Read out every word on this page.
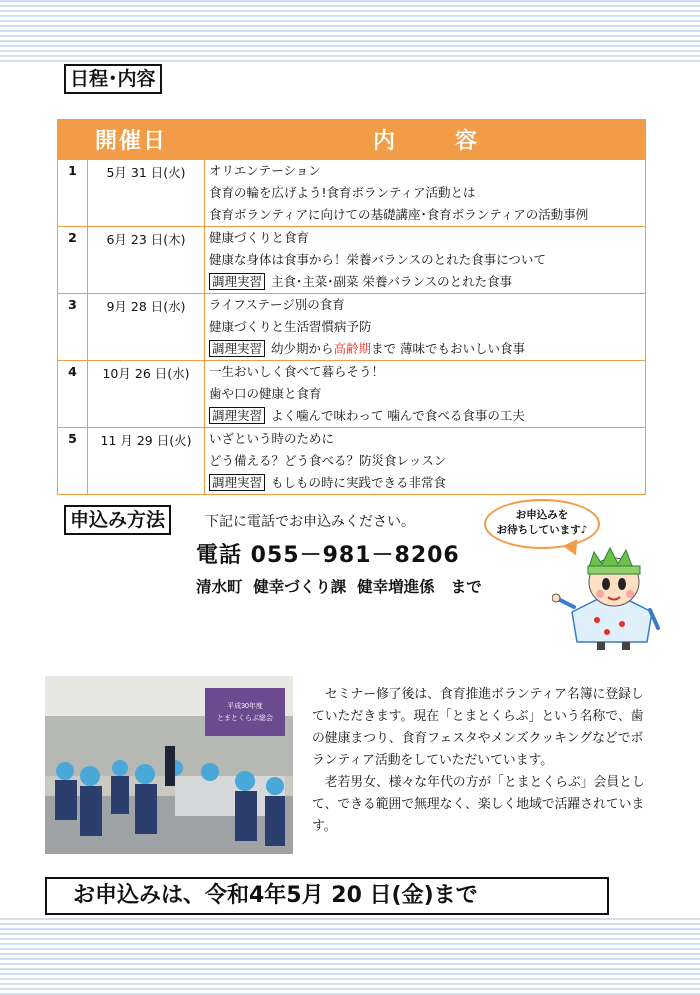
日程･内容
開催日		内容
1	5月 31 日(火)	オリエンテーション
食育の輪を広げよう!食育ボランティア活動とは
食育ボランティアに向けての基礎講座･食育ボランティアの活動事例

2	6月 23 日(木)	健康づくりと食育
健康な身体は食事から！栄養バランスのとれた食事について
調理実習 主食･主菜･副菜 栄養バランスのとれた食事

3	9月 28 日(水)	ライフステージ別の食育
健康づくりと生活習慣病予防
調理実習 幼少期から高齢期まで 薄味でもおいしい食事

4	10月 26 日(水)	一生おいしく食べて暮らそう！
歯や口の健康と食育
調理実習 よく噛んで味わって 噛んで食べる食事の工夫

5	11 月 29 日(火)	いざという時のために
どう備える？どう食べる？防災食レッスン
調理実習 もしもの時に実践できる非常食
申込み方法	下記に電話でお申込みください。
電話 055－981－8206
清水町  健幸づくり課  健幸増進係   まで
お申込みを
お待ちしています♪
平成30年度
とまとくらぶ総会

セミナー修了後は、食育推進ボランティア名簿に登録していただきます。現在「とまとくらぶ」という名称で、歯の健康まつり、食育フェスタやメンズクッキングなどでボランティア活動をしていただいています。

老若男女、様々な年代の方が「とまとくらぶ」会員として、できる範囲で無理なく、楽しく地域で活躍されています。

お申込みは、令和4年5月 20 日(金)まで
